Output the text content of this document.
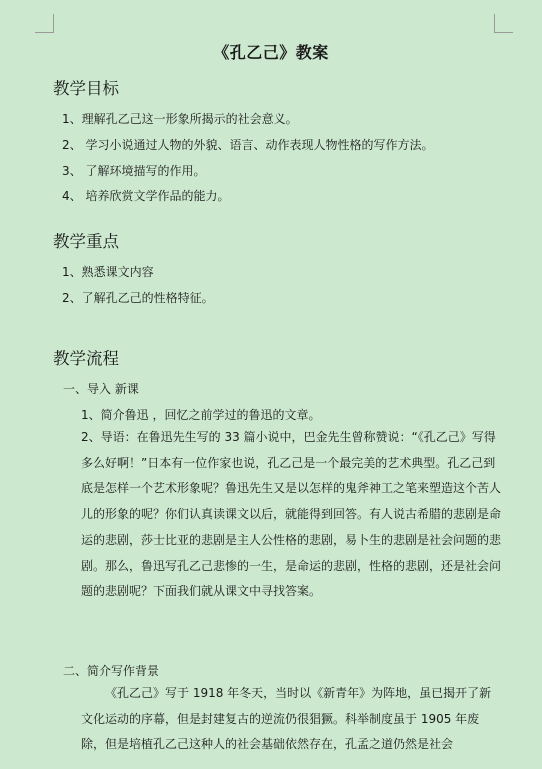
《孔乙己》教案
教学目标
1、理解孔乙己这一形象所揭示的社会意义。
2、 学习小说通过人物的外貌、语言、动作表现人物性格的写作方法。
3、 了解环境描写的作用。
4、 培养欣赏文学作品的能力。
教学重点
1、熟悉课文内容
2、了解孔乙己的性格特征。
教学流程
一、导入 新课
1、简介鲁迅 ，回忆之前学过的鲁迅的文章。
2、导语：在鲁迅先生写的 33 篇小说中，巴金先生曾称赞说：“《孔乙己》写得多么好啊！”日本有一位作家也说，孔乙己是一个最完美的艺术典型。孔乙己到底是怎样一个艺术形象呢？鲁迅先生又是以怎样的鬼斧神工之笔来塑造这个苦人儿的形象的呢？你们认真读课文以后，就能得到回答。有人说古希腊的悲剧是命运的悲剧，莎士比亚的悲剧是主人公性格的悲剧，易卜生的悲剧是社会问题的悲剧。那么，鲁迅写孔乙己悲惨的一生，是命运的悲剧，性格的悲剧，还是社会问题的悲剧呢？下面我们就从课文中寻找答案。
二、简介写作背景
《孔乙己》写于 1918 年冬天，当时以《新青年》为阵地，虽已揭开了新文化运动的序幕，但是封建复古的逆流仍很猖獗。科举制度虽于 1905 年废除，但是培植孔乙己这种人的社会基础依然存在，孔孟之道仍然是社会
